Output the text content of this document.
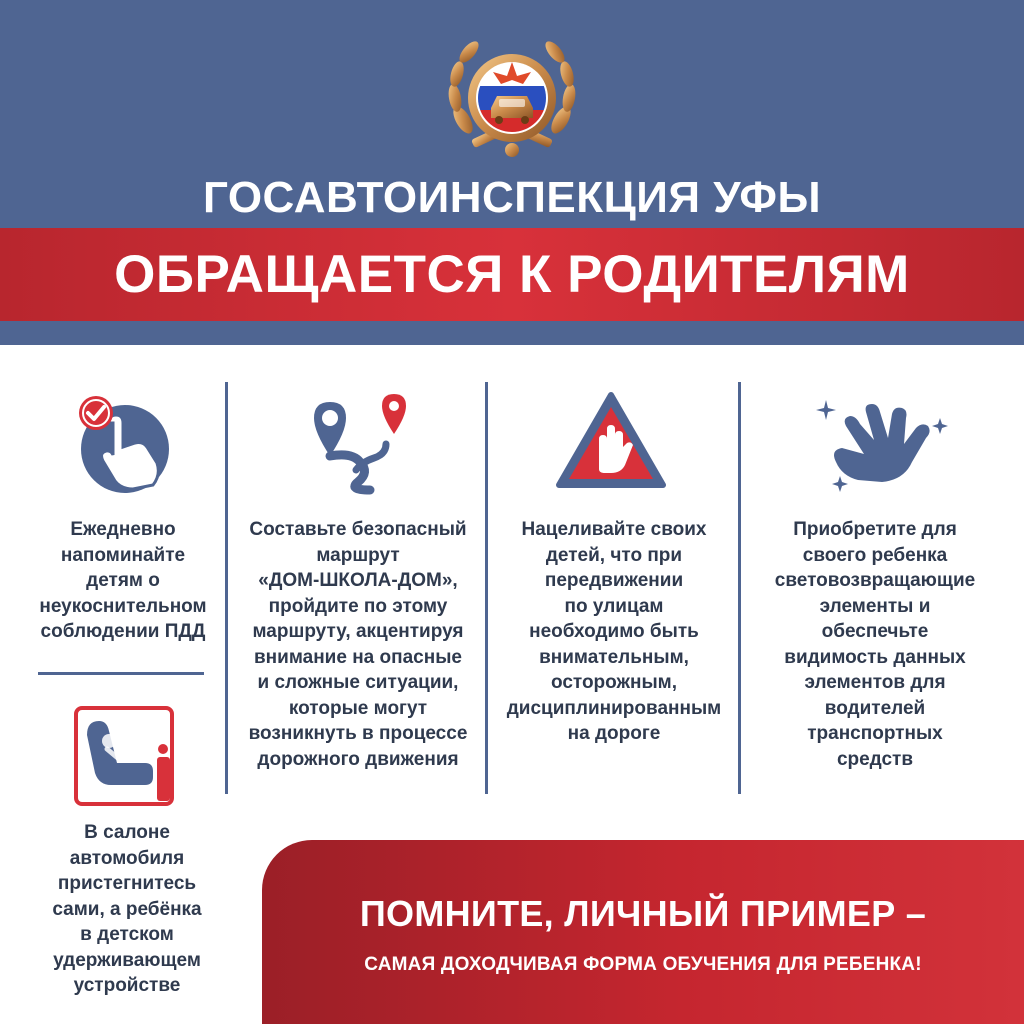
ГОСАВТОИНСПЕКЦИЯ УФЫ
ОБРАЩАЕТСЯ К РОДИТЕЛЯМ
Ежедневно
напоминайте
детям о
неукоснительном
соблюдении ПДД
Составьте безопасный
маршрут
«ДОМ-ШКОЛА-ДОМ»,
пройдите по этому
маршруту, акцентируя
внимание на опасные
и сложные ситуации,
которые могут
возникнуть в процессе
дорожного движения
Нацеливайте своих
детей, что при
передвижении
по улицам
необходимо быть
внимательным,
осторожным,
дисциплинированным
на дороге
Приобретите для
своего ребенка
световозвращающие
элементы и
обеспечьте
видимость данных
элементов для
водителей
транспортных
средств
В салоне
автомобиля
пристегнитесь
сами, а ребёнка
в детском
удерживающем
устройстве
ПОМНИТЕ, ЛИЧНЫЙ ПРИМЕР –
САМАЯ ДОХОДЧИВАЯ ФОРМА ОБУЧЕНИЯ ДЛЯ РЕБЕНКА!
